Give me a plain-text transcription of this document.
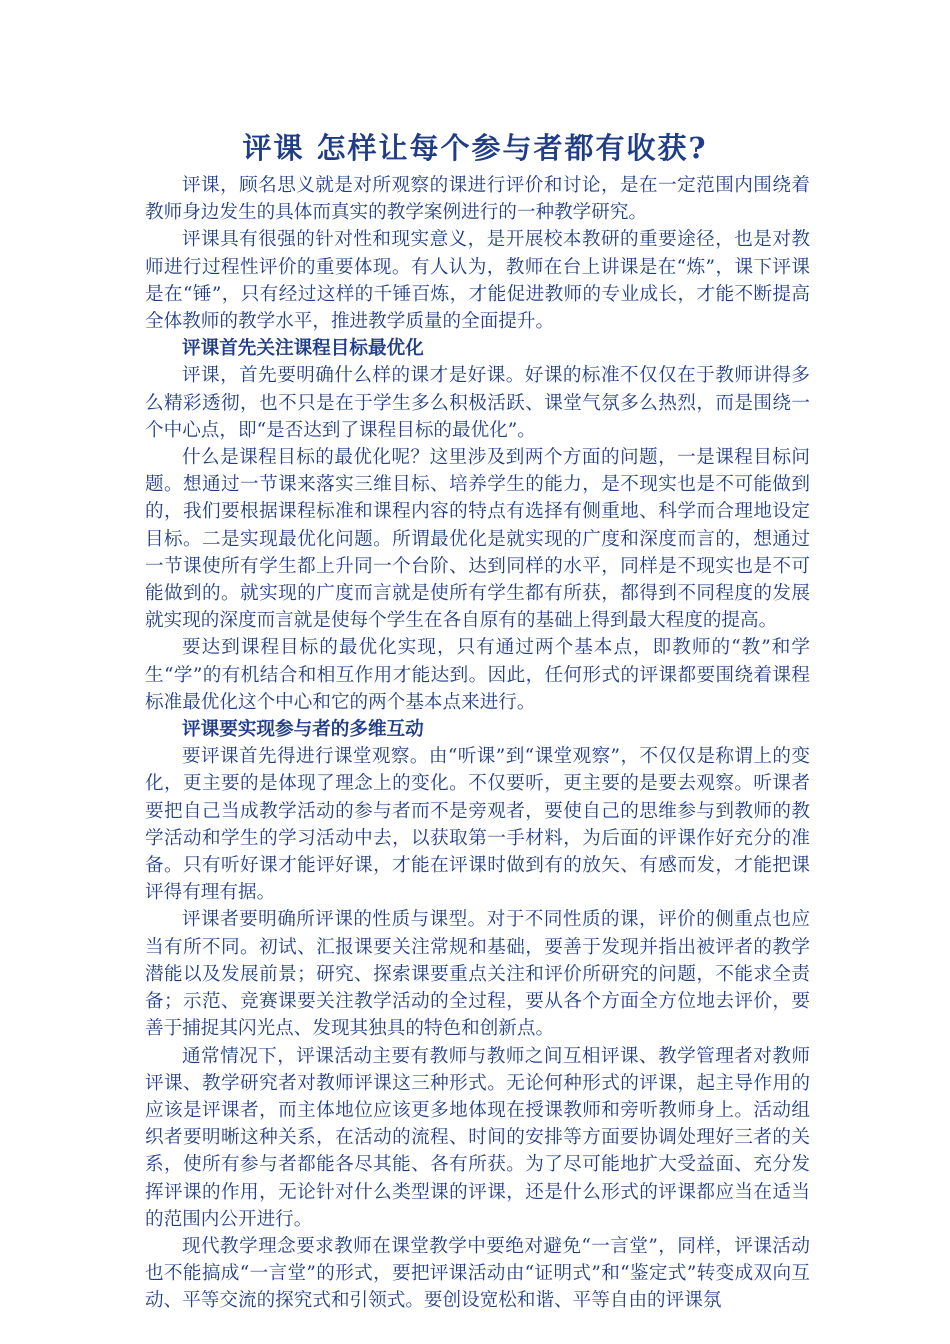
评课 怎样让每个参与者都有收获?

评课，顾名思义就是对所观察的课进行评价和讨论，是在一定范围内围绕着教师身边发生的具体而真实的教学案例进行的一种教学研究。

评课具有很强的针对性和现实意义，是开展校本教研的重要途径，也是对教师进行过程性评价的重要体现。有人认为，教师在台上讲课是在“炼”，课下评课是在“锤”，只有经过这样的千锤百炼，才能促进教师的专业成长，才能不断提高全体教师的教学水平，推进教学质量的全面提升。

评课首先关注课程目标最优化

评课，首先要明确什么样的课才是好课。好课的标准不仅仅在于教师讲得多么精彩透彻，也不只是在于学生多么积极活跃、课堂气氛多么热烈，而是围绕一个中心点，即“是否达到了课程目标的最优化”。

什么是课程目标的最优化呢？这里涉及到两个方面的问题，一是课程目标问题。想通过一节课来落实三维目标、培养学生的能力，是不现实也是不可能做到的，我们要根据课程标准和课程内容的特点有选择有侧重地、科学而合理地设定目标。二是实现最优化问题。所谓最优化是就实现的广度和深度而言的，想通过一节课使所有学生都上升同一个台阶、达到同样的水平，同样是不现实也是不可能做到的。就实现的广度而言就是使所有学生都有所获，都得到不同程度的发展就实现的深度而言就是使每个学生在各自原有的基础上得到最大程度的提高。

要达到课程目标的最优化实现，只有通过两个基本点，即教师的“教”和学生“学”的有机结合和相互作用才能达到。因此，任何形式的评课都要围绕着课程标准最优化这个中心和它的两个基本点来进行。

评课要实现参与者的多维互动

要评课首先得进行课堂观察。由“听课”到“课堂观察”，不仅仅是称谓上的变化，更主要的是体现了理念上的变化。不仅要听，更主要的是要去观察。听课者要把自己当成教学活动的参与者而不是旁观者，要使自己的思维参与到教师的教学活动和学生的学习活动中去，以获取第一手材料，为后面的评课作好充分的准备。只有听好课才能评好课，才能在评课时做到有的放矢、有感而发，才能把课评得有理有据。

评课者要明确所评课的性质与课型。对于不同性质的课，评价的侧重点也应当有所不同。初试、汇报课要关注常规和基础，要善于发现并指出被评者的教学潜能以及发展前景；研究、探索课要重点关注和评价所研究的问题，不能求全责备；示范、竞赛课要关注教学活动的全过程，要从各个方面全方位地去评价，要善于捕捉其闪光点、发现其独具的特色和创新点。

通常情况下，评课活动主要有教师与教师之间互相评课、教学管理者对教师评课、教学研究者对教师评课这三种形式。无论何种形式的评课，起主导作用的应该是评课者，而主体地位应该更多地体现在授课教师和旁听教师身上。活动组织者要明晰这种关系，在活动的流程、时间的安排等方面要协调处理好三者的关系，使所有参与者都能各尽其能、各有所获。为了尽可能地扩大受益面、充分发挥评课的作用，无论针对什么类型课的评课，还是什么形式的评课都应当在适当的范围内公开进行。

现代教学理念要求教师在课堂教学中要绝对避免“一言堂”，同样，评课活动也不能搞成“一言堂”的形式，要把评课活动由“证明式”和“鉴定式”转变成双向互动、平等交流的探究式和引领式。要创设宽松和谐、平等自由的评课氛
